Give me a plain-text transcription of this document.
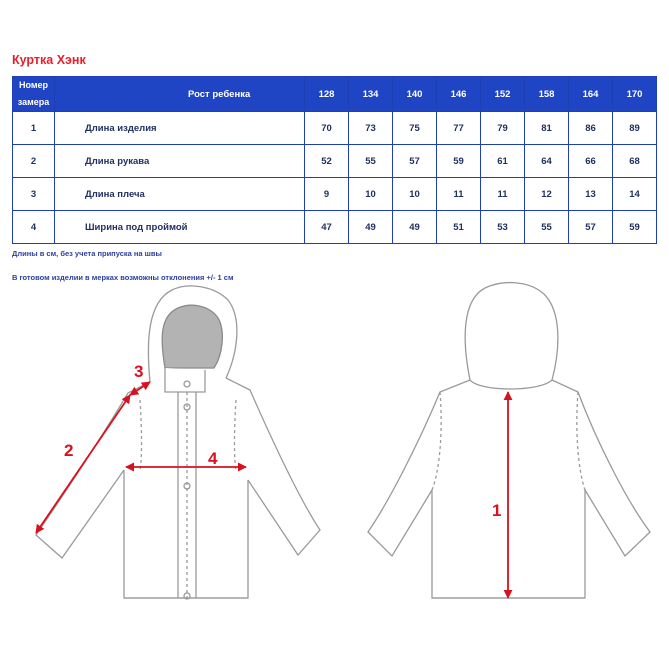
Куртка Хэнк
Номер
замера	Рост ребенка	128	134	140	146	152	158	164	170
1	Длина изделия	70	73	75	77	79	81	86	89
2	Длина рукава	52	55	57	59	61	64	66	68
3	Длина плеча	9	10	10	11	11	12	13	14
4	Ширина под проймой	47	49	49	51	53	55	57	59
Длины в см, без учета припуска на швы
В готовом изделии в мерках возможны отклонения +/- 1 см
2
3
4
1
